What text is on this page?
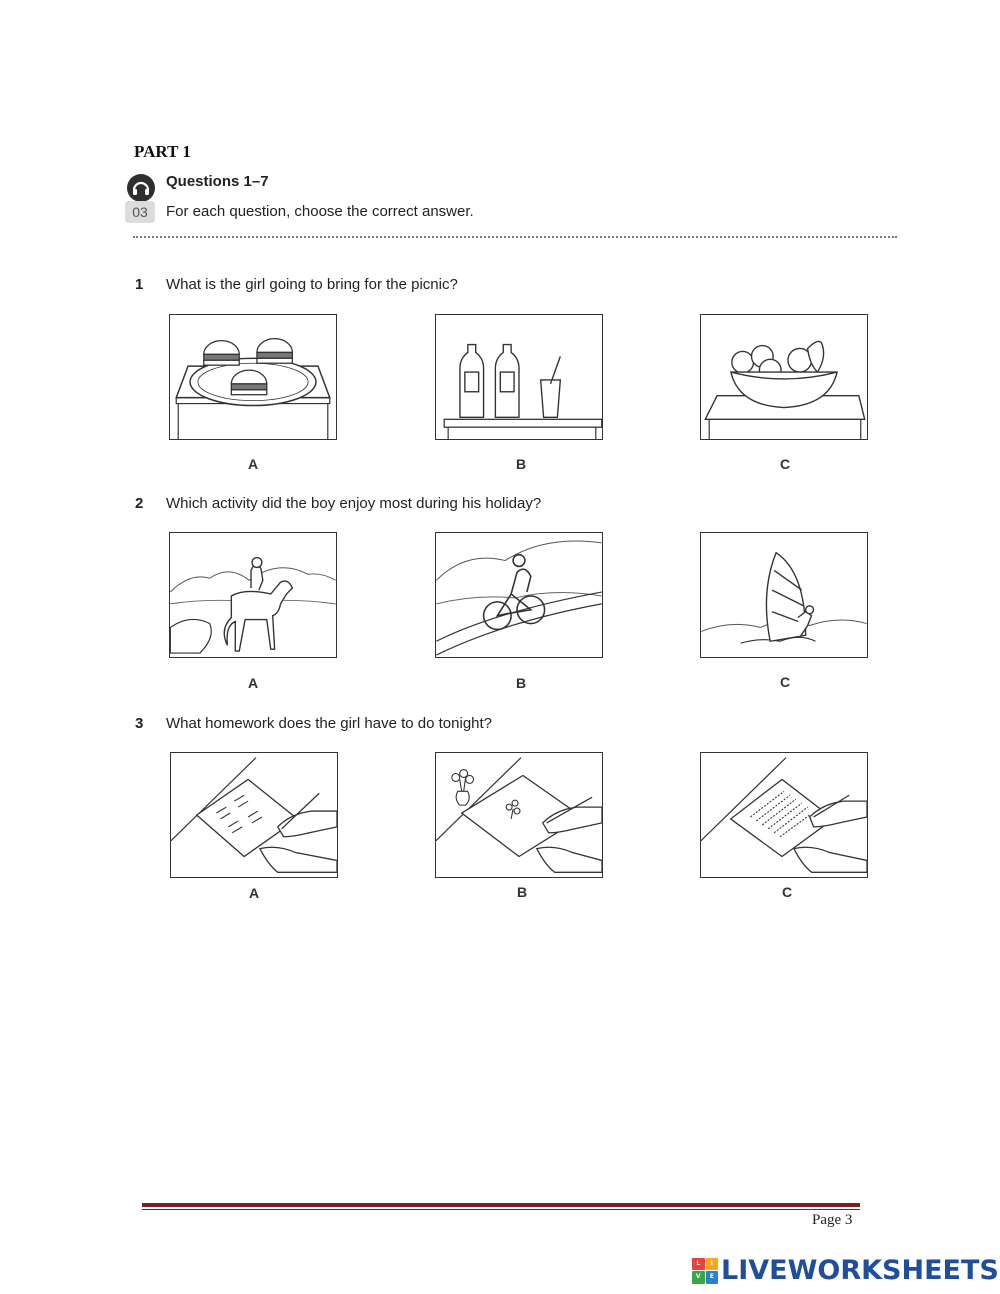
PART 1
03
Questions 1–7
For each question, choose the correct answer.
1 What is the girl going to bring for the picnic?
A	B	C
2 Which activity did the boy enjoy most during his holiday?
A	B	C
3 What homework does the girl have to do tonight?
A	B	C
Page 3
L	I
V	E LIVEWORKSHEETS
